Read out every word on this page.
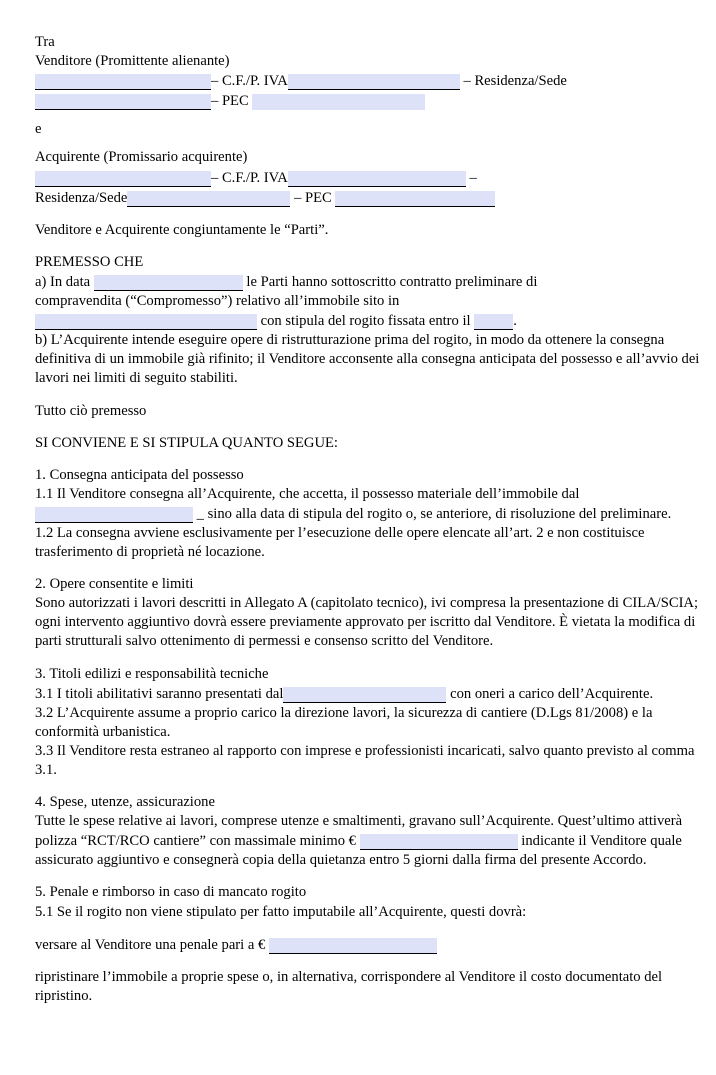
Tra

Venditore (Promittente alienante)

– C.F./P. IVA	– Residenza/Sede

– PEC

e

Acquirente (Promissario acquirente)

– C.F./P. IVA	–

Residenza/Sede	– PEC

Venditore e Acquirente congiuntamente le “Parti”.

PREMESSO CHE

a) In data	le Parti hanno sottoscritto contratto preliminare di

compravendita (“Compromesso”) relativo all’immobile sito in

con stipula del rogito fissata entro il	.

b) L’Acquirente intende eseguire opere di ristrutturazione prima del rogito, in modo da ottenere la consegna definitiva di un immobile già rifinito; il Venditore acconsente alla consegna anticipata del possesso e all’avvio dei lavori nei limiti di seguito stabiliti.

Tutto ciò premesso

SI CONVIENE E SI STIPULA QUANTO SEGUE:

1. Consegna anticipata del possesso

1.1 Il Venditore consegna all’Acquirente, che accetta, il possesso materiale dell’immobile dal  _ sino alla data di stipula del rogito o, se anteriore, di risoluzione del preliminare.

1.2 La consegna avviene esclusivamente per l’esecuzione delle opere elencate all’art. 2 e non costituisce trasferimento di proprietà né locazione.

2. Opere consentite e limiti

Sono autorizzati i lavori descritti in Allegato A (capitolato tecnico), ivi compresa la presentazione di CILA/SCIA; ogni intervento aggiuntivo dovrà essere previamente approvato per iscritto dal Venditore. È vietata la modifica di parti strutturali salvo ottenimento di permessi e consenso scritto del Venditore.

3. Titoli edilizi e responsabilità tecniche

3.1 I titoli abilitativi saranno presentati dal	con oneri a carico dell’Acquirente.

3.2 L’Acquirente assume a proprio carico la direzione lavori, la sicurezza di cantiere (D.Lgs 81/2008) e la conformità urbanistica.

3.3 Il Venditore resta estraneo al rapporto con imprese e professionisti incaricati, salvo quanto previsto al comma 3.1.

4. Spese, utenze, assicurazione

Tutte le spese relative ai lavori, comprese utenze e smaltimenti, gravano sull’Acquirente. Quest’ultimo attiverà polizza “RCT/RCO cantiere” con massimale minimo €	indicante il Venditore quale assicurato aggiuntivo e consegnerà copia della quietanza entro 5 giorni dalla firma del presente Accordo.

5. Penale e rimborso in caso di mancato rogito

5.1 Se il rogito non viene stipulato per fatto imputabile all’Acquirente, questi dovrà:

versare al Venditore una penale pari a €

ripristinare l’immobile a proprie spese o, in alternativa, corrispondere al Venditore il costo documentato del ripristino.
